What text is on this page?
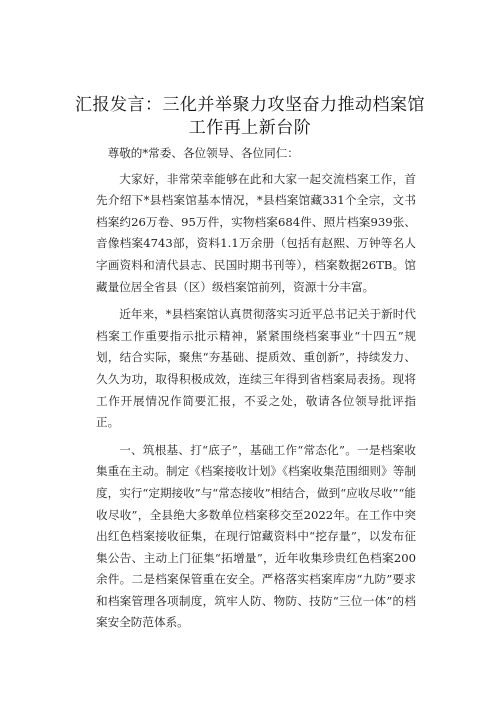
汇报发言：三化并举聚力攻坚奋力推动档案馆
工作再上新台阶

尊敬的*常委、各位领导、各位同仁：

大家好，非常荣幸能够在此和大家一起交流档案工作，首先介绍下*县档案馆基本情况，*县档案馆藏331个全宗，文书档案约26万卷、95万件，实物档案684件、照片档案939张、音像档案4743部，资料1.1万余册（包括有赵熙、万钟等名人字画资料和清代县志、民国时期书刊等），档案数据26TB。馆藏量位居全省县（区）级档案馆前列，资源十分丰富。

近年来，*县档案馆认真贯彻落实习近平总书记关于新时代档案工作重要指示批示精神，紧紧围绕档案事业“十四五”规划，结合实际，聚焦“夯基础、提质效、重创新”，持续发力、久久为功，取得积极成效，连续三年得到省档案局表扬。现将工作开展情况作简要汇报，不妥之处，敬请各位领导批评指正。

一、筑根基、打“底子”，基础工作“常态化”。一是档案收集重在主动。制定《档案接收计划》《档案收集范围细则》等制度，实行“定期接收”与“常态接收”相结合，做到“应收尽收”“能收尽收”，全县绝大多数单位档案移交至2022年。在工作中突出红色档案接收征集，在现行馆藏资料中“挖存量”，以发布征集公告、主动上门征集“拓增量”，近年收集珍贵红色档案200余件。二是档案保管重在安全。严格落实档案库房“九防”要求和档案管理各项制度，筑牢人防、物防、技防“三位一体”的档案安全防范体系。
